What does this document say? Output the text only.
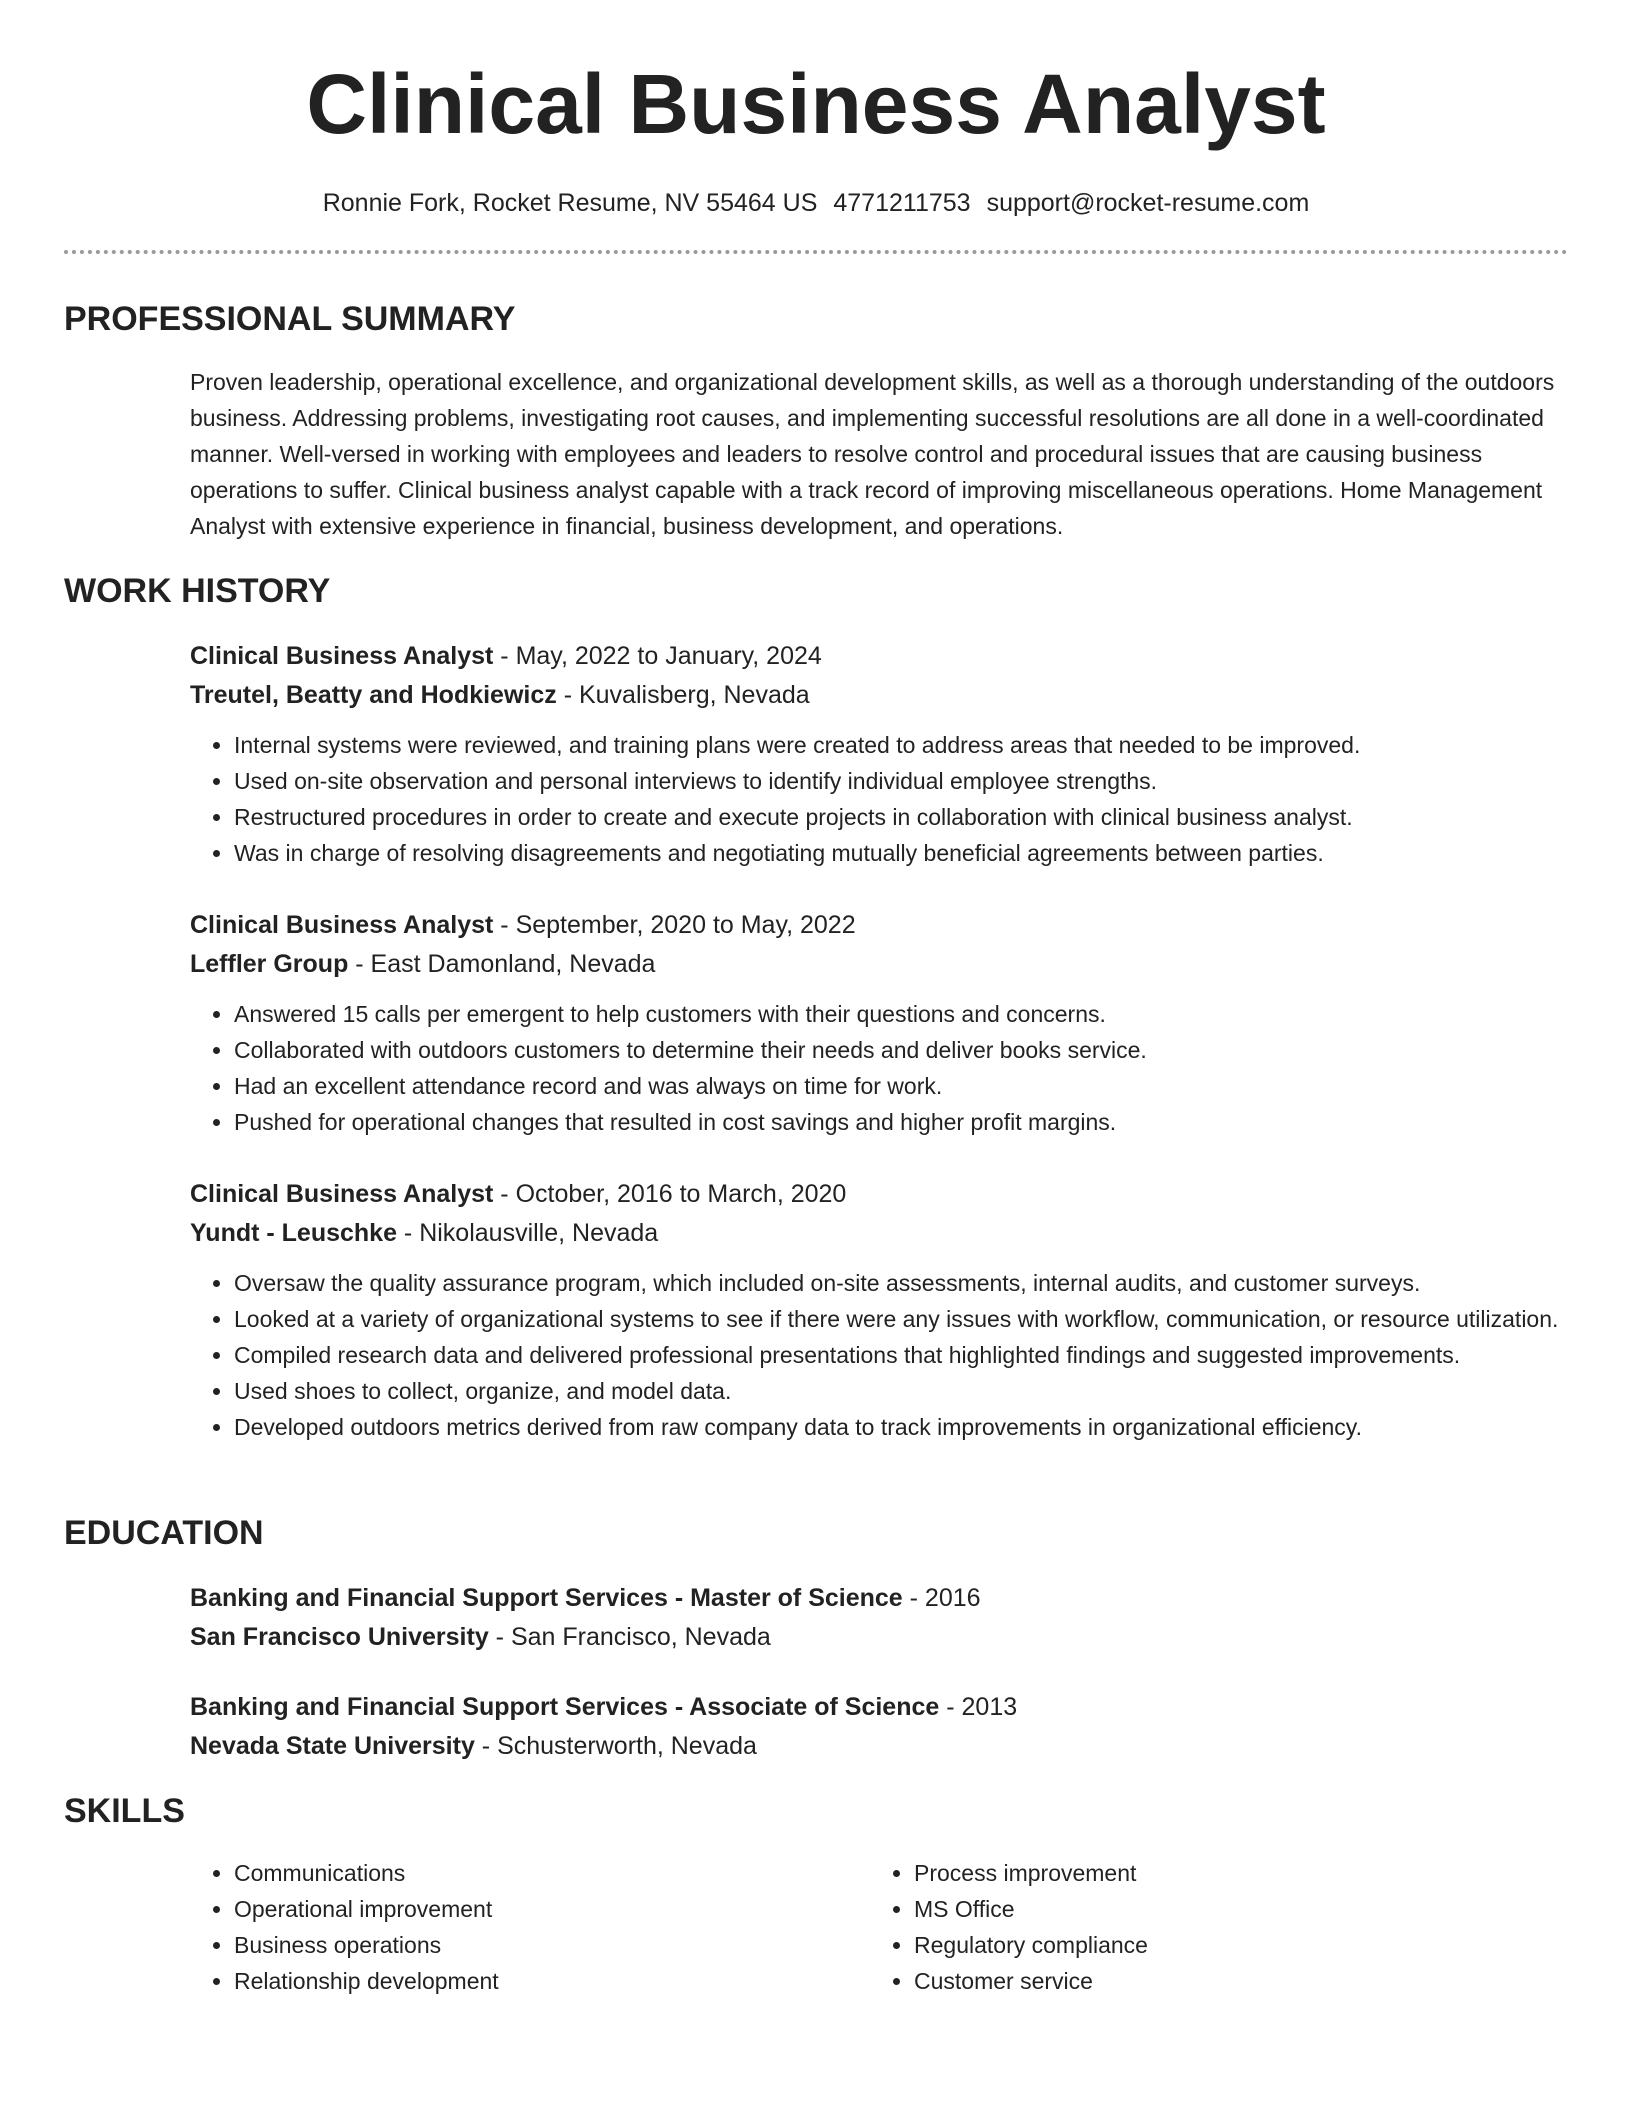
Clinical Business Analyst
Ronnie Fork, Rocket Resume, NV 55464 US 4771211753 support@rocket-resume.com
PROFESSIONAL SUMMARY

Proven leadership, operational excellence, and organizational development skills, as well as a thorough understanding of the outdoors business. Addressing problems, investigating root causes, and implementing successful resolutions are all done in a well-coordinated manner. Well-versed in working with employees and leaders to resolve control and procedural issues that are causing business operations to suffer. Clinical business analyst capable with a track record of improving miscellaneous operations. Home Management Analyst with extensive experience in financial, business development, and operations.

WORK HISTORY

Clinical Business Analyst - May, 2022 to January, 2024

Treutel, Beatty and Hodkiewicz - Kuvalisberg, Nevada

• Internal systems were reviewed, and training plans were created to address areas that needed to be improved.
• Used on-site observation and personal interviews to identify individual employee strengths.
• Restructured procedures in order to create and execute projects in collaboration with clinical business analyst.
• Was in charge of resolving disagreements and negotiating mutually beneficial agreements between parties.

Clinical Business Analyst - September, 2020 to May, 2022

Leffler Group - East Damonland, Nevada

• Answered 15 calls per emergent to help customers with their questions and concerns.
• Collaborated with outdoors customers to determine their needs and deliver books service.
• Had an excellent attendance record and was always on time for work.
• Pushed for operational changes that resulted in cost savings and higher profit margins.

Clinical Business Analyst - October, 2016 to March, 2020

Yundt - Leuschke - Nikolausville, Nevada

• Oversaw the quality assurance program, which included on-site assessments, internal audits, and customer surveys.
• Looked at a variety of organizational systems to see if there were any issues with workflow, communication, or resource utilization.
• Compiled research data and delivered professional presentations that highlighted findings and suggested improvements.
• Used shoes to collect, organize, and model data.
• Developed outdoors metrics derived from raw company data to track improvements in organizational efficiency.
EDUCATION

Banking and Financial Support Services - Master of Science - 2016

San Francisco University - San Francisco, Nevada

Banking and Financial Support Services - Associate of Science - 2013

Nevada State University - Schusterworth, Nevada

SKILLS
• Communications
• Operational improvement
• Business operations
• Relationship development
• Process improvement
• MS Office
• Regulatory compliance
• Customer service
